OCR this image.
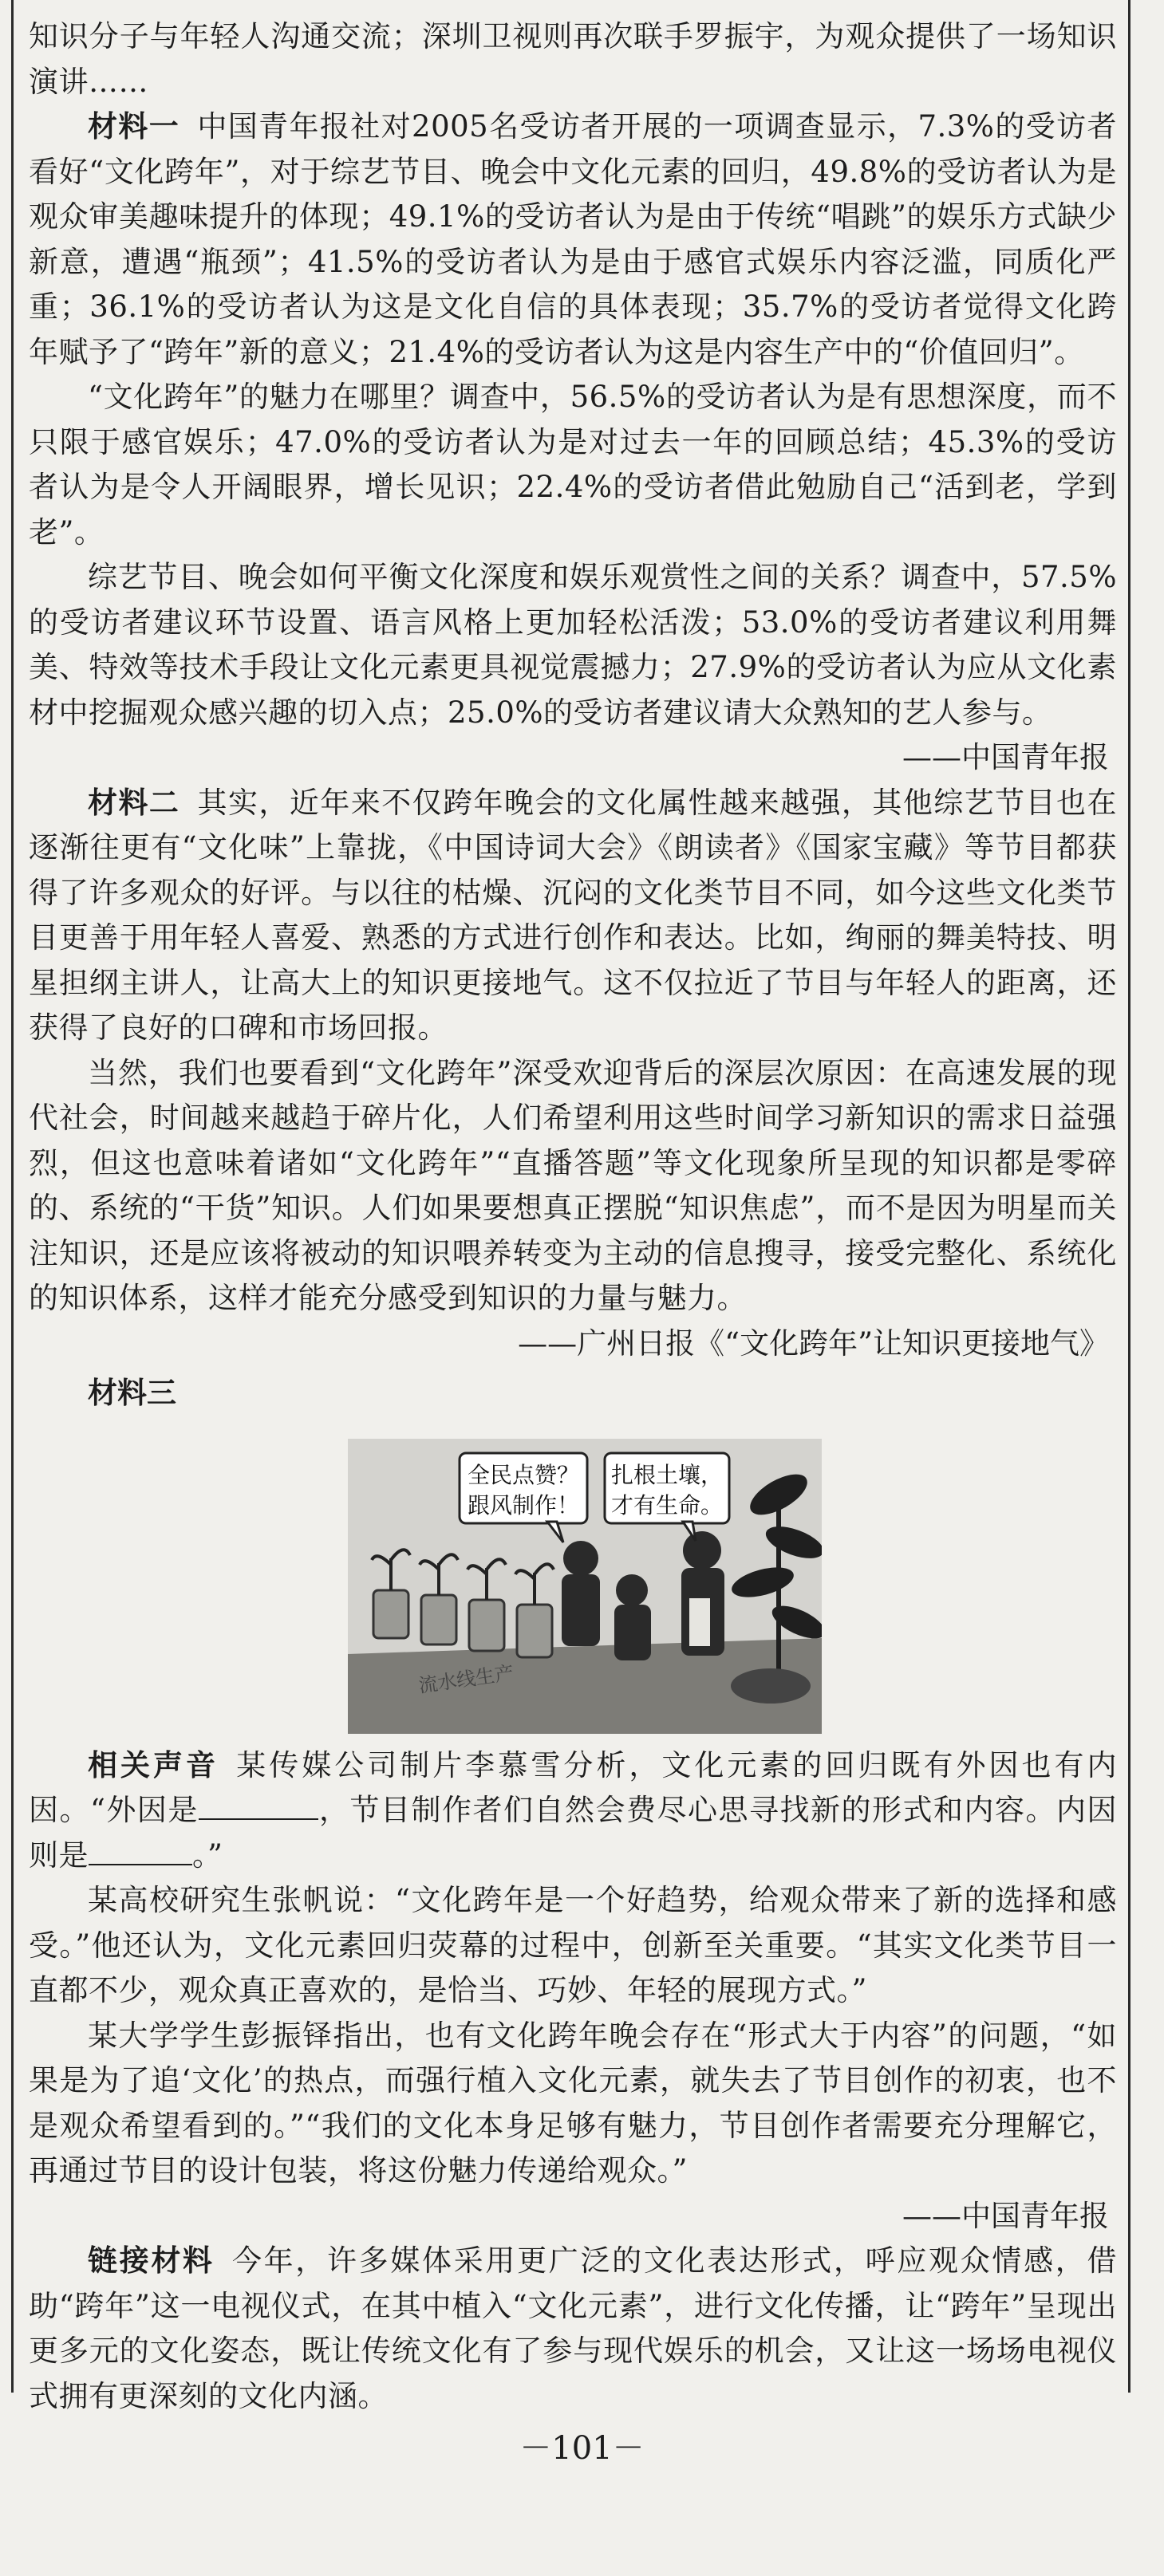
知识分子与年轻人沟通交流；深圳卫视则再次联手罗振宇，为观众提供了一场知识演讲……

材料一 中国青年报社对2005名受访者开展的一项调查显示，7.3%的受访者看好“文化跨年”，对于综艺节目、晚会中文化元素的回归，49.8%的受访者认为是观众审美趣味提升的体现；49.1%的受访者认为是由于传统“唱跳”的娱乐方式缺少新意，遭遇“瓶颈”；41.5%的受访者认为是由于感官式娱乐内容泛滥，同质化严重；36.1%的受访者认为这是文化自信的具体表现；35.7%的受访者觉得文化跨年赋予了“跨年”新的意义；21.4%的受访者认为这是内容生产中的“价值回归”。

“文化跨年”的魅力在哪里？调查中，56.5%的受访者认为是有思想深度，而不只限于感官娱乐；47.0%的受访者认为是对过去一年的回顾总结；45.3%的受访者认为是令人开阔眼界，增长见识；22.4%的受访者借此勉励自己“活到老，学到老”。

综艺节目、晚会如何平衡文化深度和娱乐观赏性之间的关系？调查中，57.5%的受访者建议环节设置、语言风格上更加轻松活泼；53.0%的受访者建议利用舞美、特效等技术手段让文化元素更具视觉震撼力；27.9%的受访者认为应从文化素材中挖掘观众感兴趣的切入点；25.0%的受访者建议请大众熟知的艺人参与。

——中国青年报

材料二 其实，近年来不仅跨年晚会的文化属性越来越强，其他综艺节目也在逐渐往更有“文化味”上靠拢，《中国诗词大会》《朗读者》《国家宝藏》等节目都获得了许多观众的好评。与以往的枯燥、沉闷的文化类节目不同，如今这些文化类节目更善于用年轻人喜爱、熟悉的方式进行创作和表达。比如，绚丽的舞美特技、明星担纲主讲人，让高大上的知识更接地气。这不仅拉近了节目与年轻人的距离，还获得了良好的口碑和市场回报。

当然，我们也要看到“文化跨年”深受欢迎背后的深层次原因：在高速发展的现代社会，时间越来越趋于碎片化，人们希望利用这些时间学习新知识的需求日益强烈，但这也意味着诸如“文化跨年”“直播答题”等文化现象所呈现的知识都是零碎的、系统的“干货”知识。人们如果要想真正摆脱“知识焦虑”，而不是因为明星而关注知识，还是应该将被动的知识喂养转变为主动的信息搜寻，接受完整化、系统化的知识体系，这样才能充分感受到知识的力量与魅力。

——广州日报《“文化跨年”让知识更接地气》

材料三

全民点赞？
跟风制作！
扎根土壤，
才有生命。
流水线生产

相关声音 某传媒公司制片李慕雪分析，文化元素的回归既有外因也有内因。“外因是	，节目制作者们自然会费尽心思寻找新的形式和内容。内因则是	。”

某高校研究生张帆说：“文化跨年是一个好趋势，给观众带来了新的选择和感受。”他还认为，文化元素回归荧幕的过程中，创新至关重要。“其实文化类节目一直都不少，观众真正喜欢的，是恰当、巧妙、年轻的展现方式。”

某大学学生彭振铎指出，也有文化跨年晚会存在“形式大于内容”的问题，“如果是为了追‘文化’的热点，而强行植入文化元素，就失去了节目创作的初衷，也不是观众希望看到的。”“我们的文化本身足够有魅力，节目创作者需要充分理解它，再通过节目的设计包装，将这份魅力传递给观众。”

——中国青年报

链接材料 今年，许多媒体采用更广泛的文化表达形式，呼应观众情感，借助“跨年”这一电视仪式，在其中植入“文化元素”，进行文化传播，让“跨年”呈现出更多元的文化姿态，既让传统文化有了参与现代娱乐的机会，又让这一场场电视仪式拥有更深刻的文化内涵。

－101－
